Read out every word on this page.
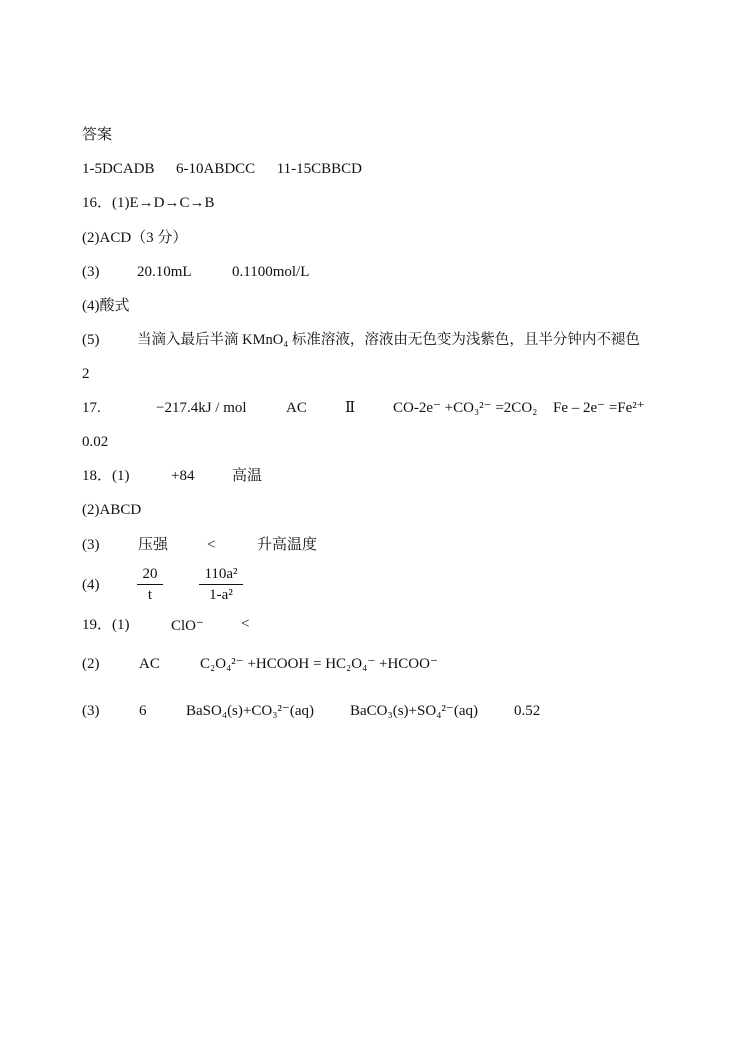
答案
1-5DCADB 6-10ABDCC 11-15CBBCD
16．(1)E→D→C→B
(2)ACD（3 分）
(3)	20.10mL	0.1100mol/L
(4)酸式
(5)	当滴入最后半滴 KMnO₄ 标准溶液，溶液由无色变为浅紫色，且半分钟内不褪色
2
17.	−217.4kJ / mol	AC	Ⅱ	CO-2e⁻ +CO₃²⁻ =2CO₂ Fe – 2e⁻ =Fe²⁺
0.02
18．(1)	+84	高温
(2)ABCD
(3)	压强	<	升高温度
(4)
20
t
110a²
1-a²
19．(1)	ClO⁻ <
(2)	AC	C₂O₄²⁻ +HCOOH = HC₂O₄⁻ +HCOO⁻
(3)	6	BaSO₄(s)+CO₃²⁻(aq) BaCO₃(s)+SO₄²⁻(aq) 0.52
